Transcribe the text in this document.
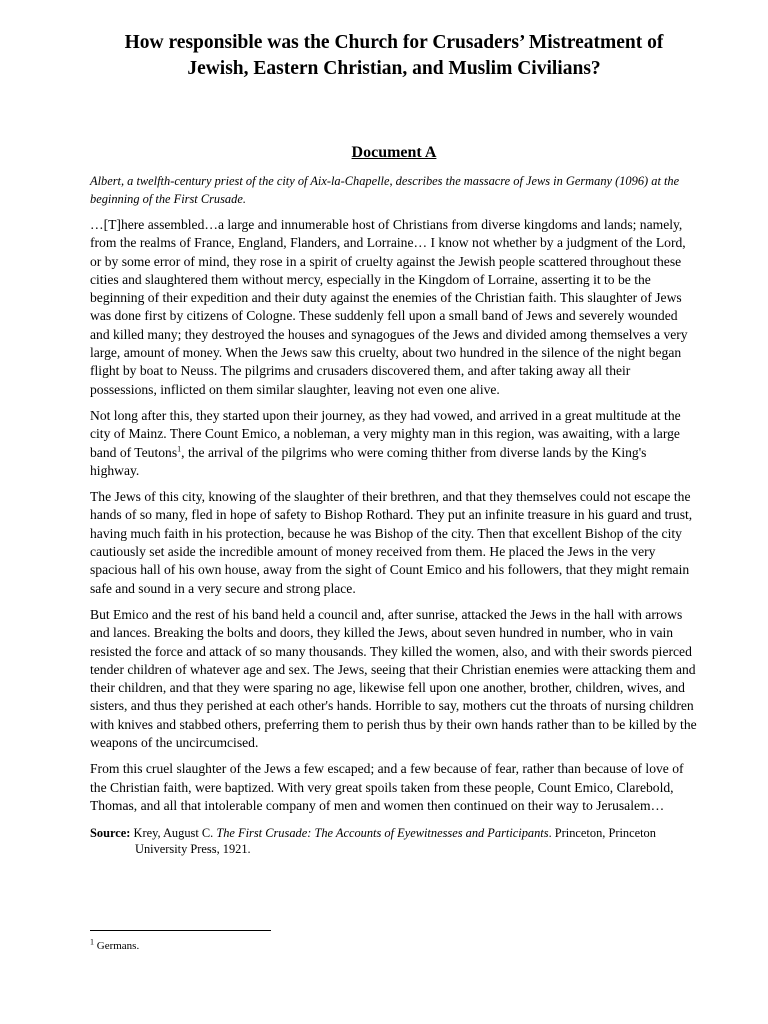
How responsible was the Church for Crusaders’ Mistreatment of
Jewish, Eastern Christian, and Muslim Civilians?
Document A

Albert, a twelfth-century priest of the city of Aix-la-Chapelle, describes the massacre of Jews in Germany (1096) at the beginning of the First Crusade.

…[T]here assembled…a large and innumerable host of Christians from diverse kingdoms and lands; namely, from the realms of France, England, Flanders, and Lorraine… I know not whether by a judgment of the Lord, or by some error of mind, they rose in a spirit of cruelty against the Jewish people scattered throughout these cities and slaughtered them without mercy, especially in the Kingdom of Lorraine, asserting it to be the beginning of their expedition and their duty against the enemies of the Christian faith. This slaughter of Jews was done first by citizens of Cologne. These suddenly fell upon a small band of Jews and severely wounded and killed many; they destroyed the houses and synagogues of the Jews and divided among themselves a very large, amount of money. When the Jews saw this cruelty, about two hundred in the silence of the night began flight by boat to Neuss. The pilgrims and crusaders discovered them, and after taking away all their possessions, inflicted on them similar slaughter, leaving not even one alive.

Not long after this, they started upon their journey, as they had vowed, and arrived in a great multitude at the city of Mainz. There Count Emico, a nobleman, a very mighty man in this region, was awaiting, with a large band of Teutons$^1$, the arrival of the pilgrims who were coming thither from diverse lands by the King's highway.

The Jews of this city, knowing of the slaughter of their brethren, and that they themselves could not escape the hands of so many, fled in hope of safety to Bishop Rothard. They put an infinite treasure in his guard and trust, having much faith in his protection, because he was Bishop of the city. Then that excellent Bishop of the city cautiously set aside the incredible amount of money received from them. He placed the Jews in the very spacious hall of his own house, away from the sight of Count Emico and his followers, that they might remain safe and sound in a very secure and strong place.

But Emico and the rest of his band held a council and, after sunrise, attacked the Jews in the hall with arrows and lances. Breaking the bolts and doors, they killed the Jews, about seven hundred in number, who in vain resisted the force and attack of so many thousands. They killed the women, also, and with their swords pierced tender children of whatever age and sex. The Jews, seeing that their Christian enemies were attacking them and their children, and that they were sparing no age, likewise fell upon one another, brother, children, wives, and sisters, and thus they perished at each other's hands. Horrible to say, mothers cut the throats of nursing children with knives and stabbed others, preferring them to perish thus by their own hands rather than to be killed by the weapons of the uncircumcised.

From this cruel slaughter of the Jews a few escaped; and a few because of fear, rather than because of love of the Christian faith, were baptized. With very great spoils taken from these people, Count Emico, Clarebold, Thomas, and all that intolerable company of men and women then continued on their way to Jerusalem…

Source: Krey, August C. The First Crusade: The Accounts of Eyewitnesses and Participants. Princeton, Princeton University Press, 1921.
$^1$ Germans.
